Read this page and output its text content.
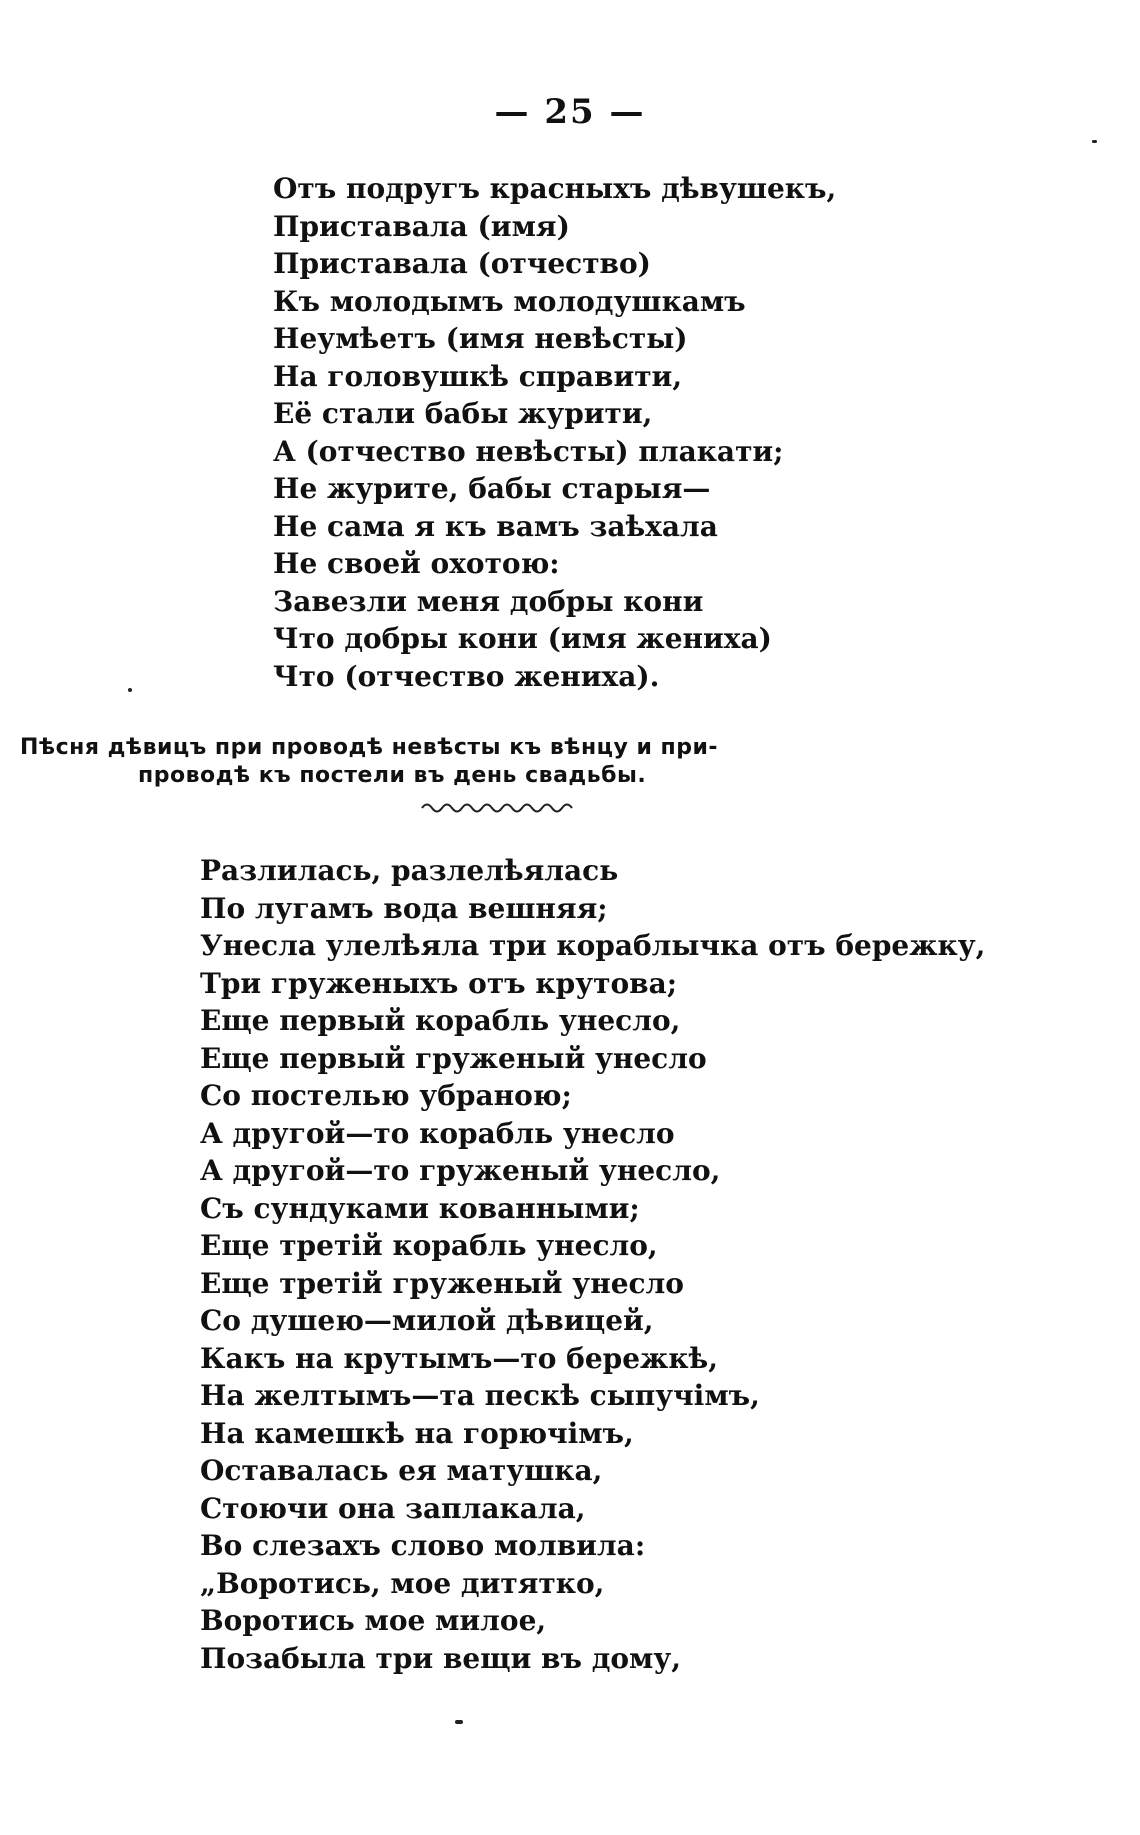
— 25 —
Отъ подругъ красныхъ дѣвушекъ,
Приставала (имя)
Приставала (отчество)
Къ молодымъ молодушкамъ
Неумѣетъ (имя невѣсты)
На головушкѣ справити,
Её стали бабы журити,
А (отчество невѣсты) плакати;
Не журите, бабы старыя—
Не сама я къ вамъ заѣхала
Не своей охотою:
Завезли меня добры кони
Что добры кони (имя жениха)
Что (отчество жениха).
Пѣсня дѣвицъ при проводѣ невѣсты къ вѣнцу и при-
проводѣ къ постели въ день свадьбы.
Разлилась, разлелѣялась
По лугамъ вода вешняя;
Унесла улелѣяла три кораблычка отъ бережку,
Три груженыхъ отъ крутова;
Еще первый корабль унесло,
Еще первый груженый унесло
Со постелью убраною;
А другой—то корабль унесло
А другой—то груженый унесло,
Съ сундуками кованными;
Еще третій корабль унесло,
Еще третій груженый унесло
Со душею—милой дѣвицей,
Какъ на крутымъ—то бережкѣ,
На желтымъ—та пескѣ сыпучімъ,
На камешкѣ на горючімъ,
Оставалась ея матушка,
Стоючи она заплакала,
Во слезахъ слово молвила:
„Воротись, мое дитятко,
Воротись мое милое,
Позабыла три вещи въ дому,
